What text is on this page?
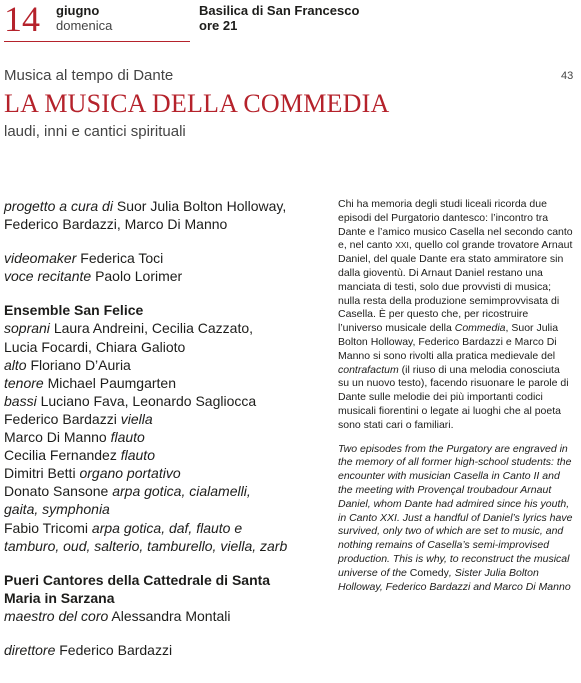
14 giugno
domenica
Basilica di San Francesco
ore 21
Musica al tempo di Dante	43
LA MUSICA DELLA COMMEDIA
laudi, inni e cantici spirituali

progetto a cura di Suor Julia Bolton Holloway,

Federico Bardazzi, Marco Di Manno

videomaker Federica Toci

voce recitante Paolo Lorimer

Ensemble San Felice

soprani Laura Andreini, Cecilia Cazzato,

Lucia Focardi, Chiara Galioto

alto Floriano D’Auria

tenore Michael Paumgarten

bassi Luciano Fava, Leonardo Sagliocca

Federico Bardazzi viella

Marco Di Manno flauto

Cecilia Fernandez flauto

Dimitri Betti organo portativo

Donato Sansone arpa gotica, cialamelli,

gaita, symphonia

Fabio Tricomi arpa gotica, daf, flauto e

tamburo, oud, salterio, tamburello, viella, zarb

Pueri Cantores della Cattedrale di Santa

Maria in Sarzana

maestro del coro Alessandra Montali

direttore Federico Bardazzi

Chi ha memoria degli studi liceali ricorda due episodi del Purgatorio dantesco: l’incontro tra Dante e l’amico musico Casella nel secondo canto e, nel canto XXI, quello col grande trovatore Arnaut Daniel, del quale Dante era stato ammiratore sin dalla gioventù. Di Arnaut Daniel restano una manciata di testi, solo due provvisti di musica; nulla resta della produzione semimprovvisata di Casella. È per questo che, per ricostruire l’universo musicale della Commedia, Suor Julia Bolton Holloway, Federico Bardazzi e Marco Di Manno si sono rivolti alla pratica medievale del contrafactum (il riuso di una melodia conosciuta su un nuovo testo), facendo risuonare le parole di Dante sulle melodie dei più importanti codici musicali fiorentini o legate ai luoghi che al poeta sono stati cari o familiari.

Two episodes from the Purgatory are engraved in the memory of all former high-school students: the encounter with musician Casella in Canto II and the meeting with Provençal troubadour Arnaut Daniel, whom Dante had admired since his youth, in Canto XXI. Just a handful of Daniel’s lyrics have survived, only two of which are set to music, and nothing remains of Casella’s semi-improvised production. This is why, to reconstruct the musical universe of the Comedy, Sister Julia Bolton Holloway, Federico Bardazzi and Marco Di Manno
